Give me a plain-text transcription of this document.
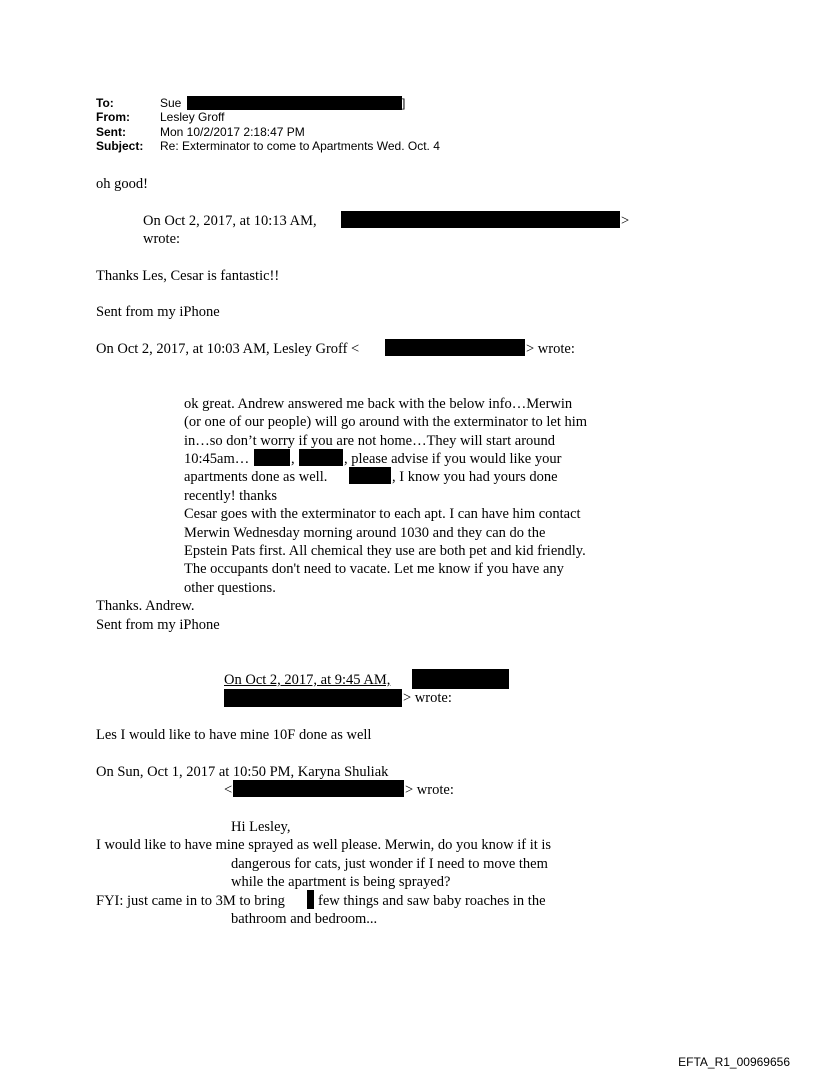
To:	Sue	]
From:	Lesley Groff
Sent:	Mon 10/2/2017 2:18:47 PM
Subject: Re: Exterminator to come to Apartments Wed. Oct. 4
oh good!
On Oct 2, 2017, at 10:13 AM,	>
wrote:
Thanks Les, Cesar is fantastic!!
Sent from my iPhone
On Oct 2, 2017, at 10:03 AM, Lesley Groff <	> wrote:
ok great. Andrew answered me back with the below info…Merwin
(or one of our people) will go around with the exterminator to let him
in…so don’t worry if you are not home…They will start around
10:45am…	,	, please advise if you would like your
apartments done as well.	, I know you had yours done
recently! thanks
Cesar goes with the exterminator to each apt. I can have him contact
Merwin Wednesday morning around 1030 and they can do the
Epstein Pats first. All chemical they use are both pet and kid friendly.
The occupants don't need to vacate. Let me know if you have any
other questions.
Thanks. Andrew.
Sent from my iPhone
On Oct 2, 2017, at 9:45 AM,
> wrote:
Les I would like to have mine 10F done as well
On Sun, Oct 1, 2017 at 10:50 PM, Karyna Shuliak
<	> wrote:
Hi Lesley,
I would like to have mine sprayed as well please. Merwin, do you know if it is
dangerous for cats, just wonder if I need to move them
while the apartment is being sprayed?
FYI: just came in to 3M to bring few things and saw baby roaches in the
bathroom and bedroom...
EFTA_R1_00969656
